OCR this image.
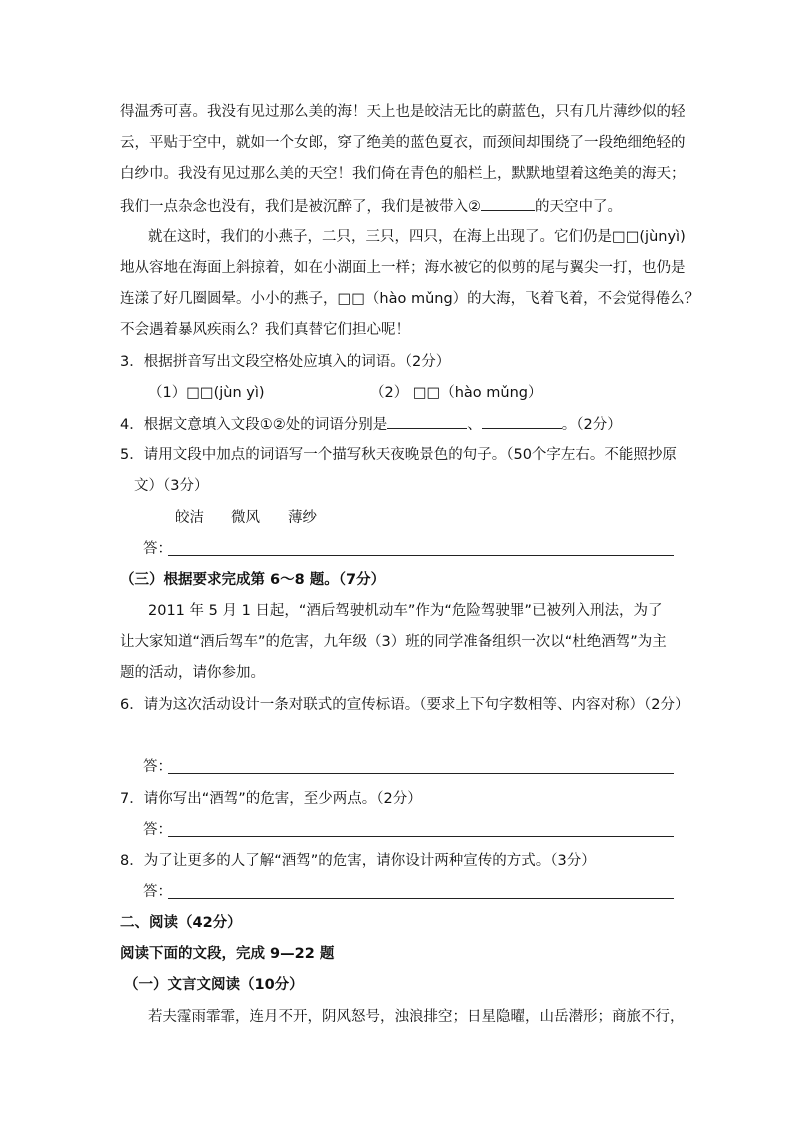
得温秀可喜。我没有见过那么美的海！天上也是皎洁无比的蔚蓝色，只有几片薄纱似的轻
云，平贴于空中，就如一个女郎，穿了绝美的蓝色夏衣，而颈间却围绕了一段绝细绝轻的
白纱巾。我没有见过那么美的天空！我们倚在青色的船栏上，默默地望着这绝美的海天；
我们一点杂念也没有，我们是被沉醉了，我们是被带入②	的天空中了。
就在这时，我们的小燕子，二只，三只，四只，在海上出现了。它们仍是□□(jùnyì)
地从容地在海面上斜掠着，如在小湖面上一样；海水被它的似剪的尾与翼尖一打，也仍是
连漾了好几圈圆晕。小小的燕子，□□（hào mǔng）的大海，飞着飞着，不会觉得倦么？
不会遇着暴风疾雨么？我们真替它们担心呢！
3．根据拼音写出文段空格处应填入的词语。（2分）
（1）□□(jùn yì)	（2） □□（hào mǔng）
4．根据文意填入文段①②处的词语分别是	、	。（2分）
5．请用文段中加点的词语写一个描写秋天夜晚景色的句子。（50个字左右。不能照抄原
文）（3分）
皎洁 微风 薄纱
答：
（三）根据要求完成第 6～8 题。（7分）
2011 年 5 月 1 日起，“酒后驾驶机动车”作为“危险驾驶罪”已被列入刑法，为了
让大家知道“酒后驾车”的危害，九年级（3）班的同学准备组织一次以“杜绝酒驾”为主
题的活动，请你参加。
6．请为这次活动设计一条对联式的宣传标语。（要求上下句字数相等、内容对称）（2分）
答：
7．请你写出“酒驾”的危害，至少两点。（2分）
答：
8．为了让更多的人了解“酒驾”的危害，请你设计两种宣传的方式。（3分）
答：
二、阅读（42分）
阅读下面的文段，完成 9—22 题
（一）文言文阅读（10分）
若夫霪雨霏霏，连月不开，阴风怒号，浊浪排空；日星隐曜，山岳潜形；商旅不行，
